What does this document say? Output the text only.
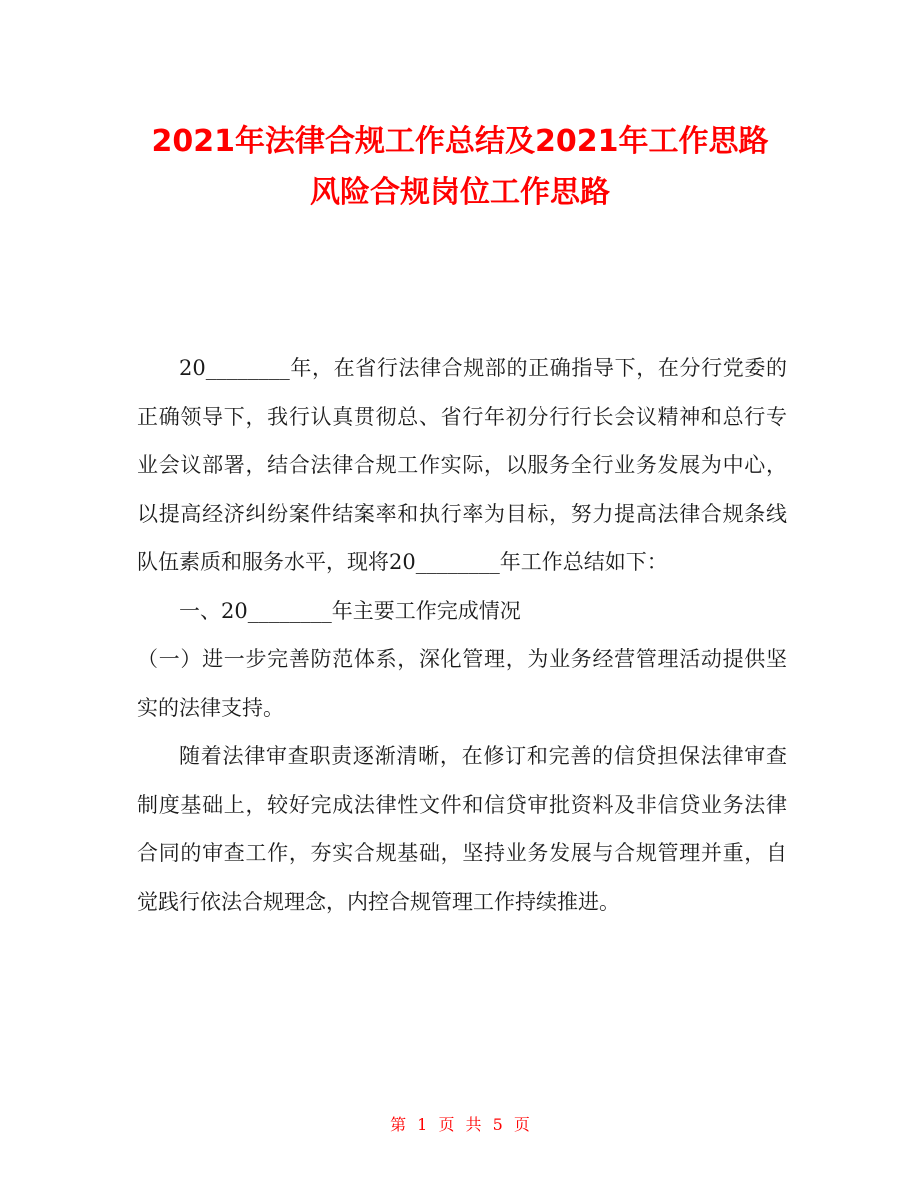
2021年法律合规工作总结及2021年工作思路
风险合规岗位工作思路

20________年，在省行法律合规部的正确指导下，在分行党委的正确领导下，我行认真贯彻总、省行年初分行行长会议精神和总行专业会议部署，结合法律合规工作实际，以服务全行业务发展为中心，以提高经济纠纷案件结案率和执行率为目标，努力提高法律合规条线队伍素质和服务水平，现将20________年工作总结如下：

一、20________年主要工作完成情况

（一）进一步完善防范体系，深化管理，为业务经营管理活动提供坚实的法律支持。

随着法律审查职责逐渐清晰，在修订和完善的信贷担保法律审查制度基础上，较好完成法律性文件和信贷审批资料及非信贷业务法律合同的审查工作，夯实合规基础，坚持业务发展与合规管理并重，自觉践行依法合规理念，内控合规管理工作持续推进。

第 1 页 共 5 页
